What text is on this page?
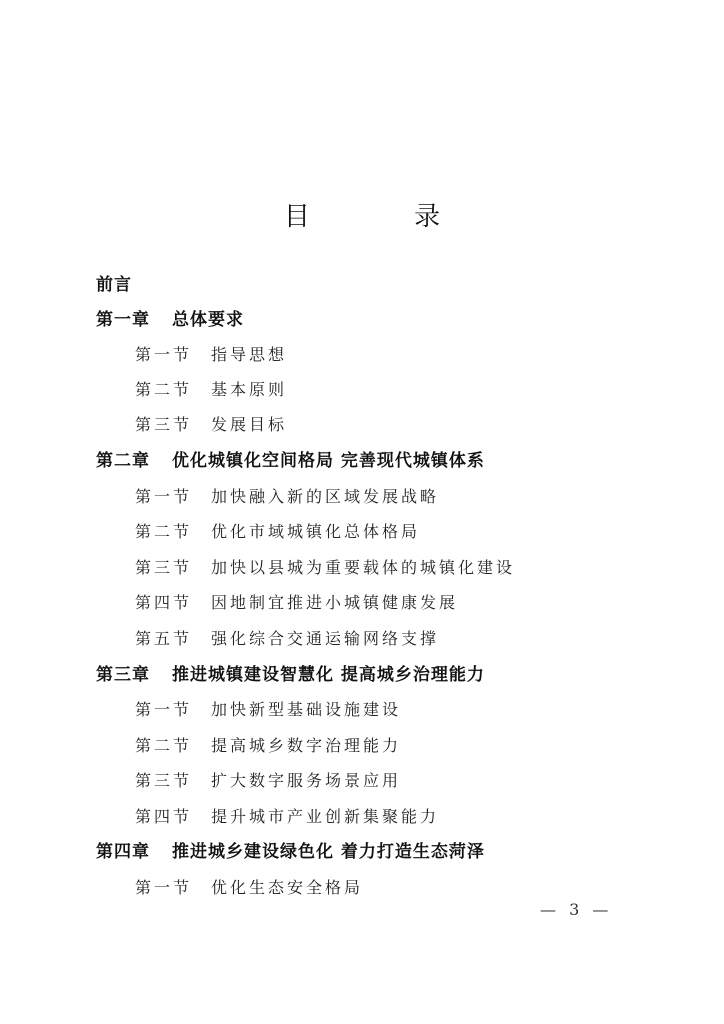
目 录
前言
第一章 总体要求
第一节 指导思想
第二节 基本原则
第三节 发展目标
第二章 优化城镇化空间格局 完善现代城镇体系
第一节 加快融入新的区域发展战略
第二节 优化市域城镇化总体格局
第三节 加快以县城为重要载体的城镇化建设
第四节 因地制宜推进小城镇健康发展
第五节 强化综合交通运输网络支撑
第三章 推进城镇建设智慧化 提高城乡治理能力
第一节 加快新型基础设施建设
第二节 提高城乡数字治理能力
第三节 扩大数字服务场景应用
第四节 提升城市产业创新集聚能力
第四章 推进城乡建设绿色化 着力打造生态菏泽
第一节 优化生态安全格局
— 3 —
